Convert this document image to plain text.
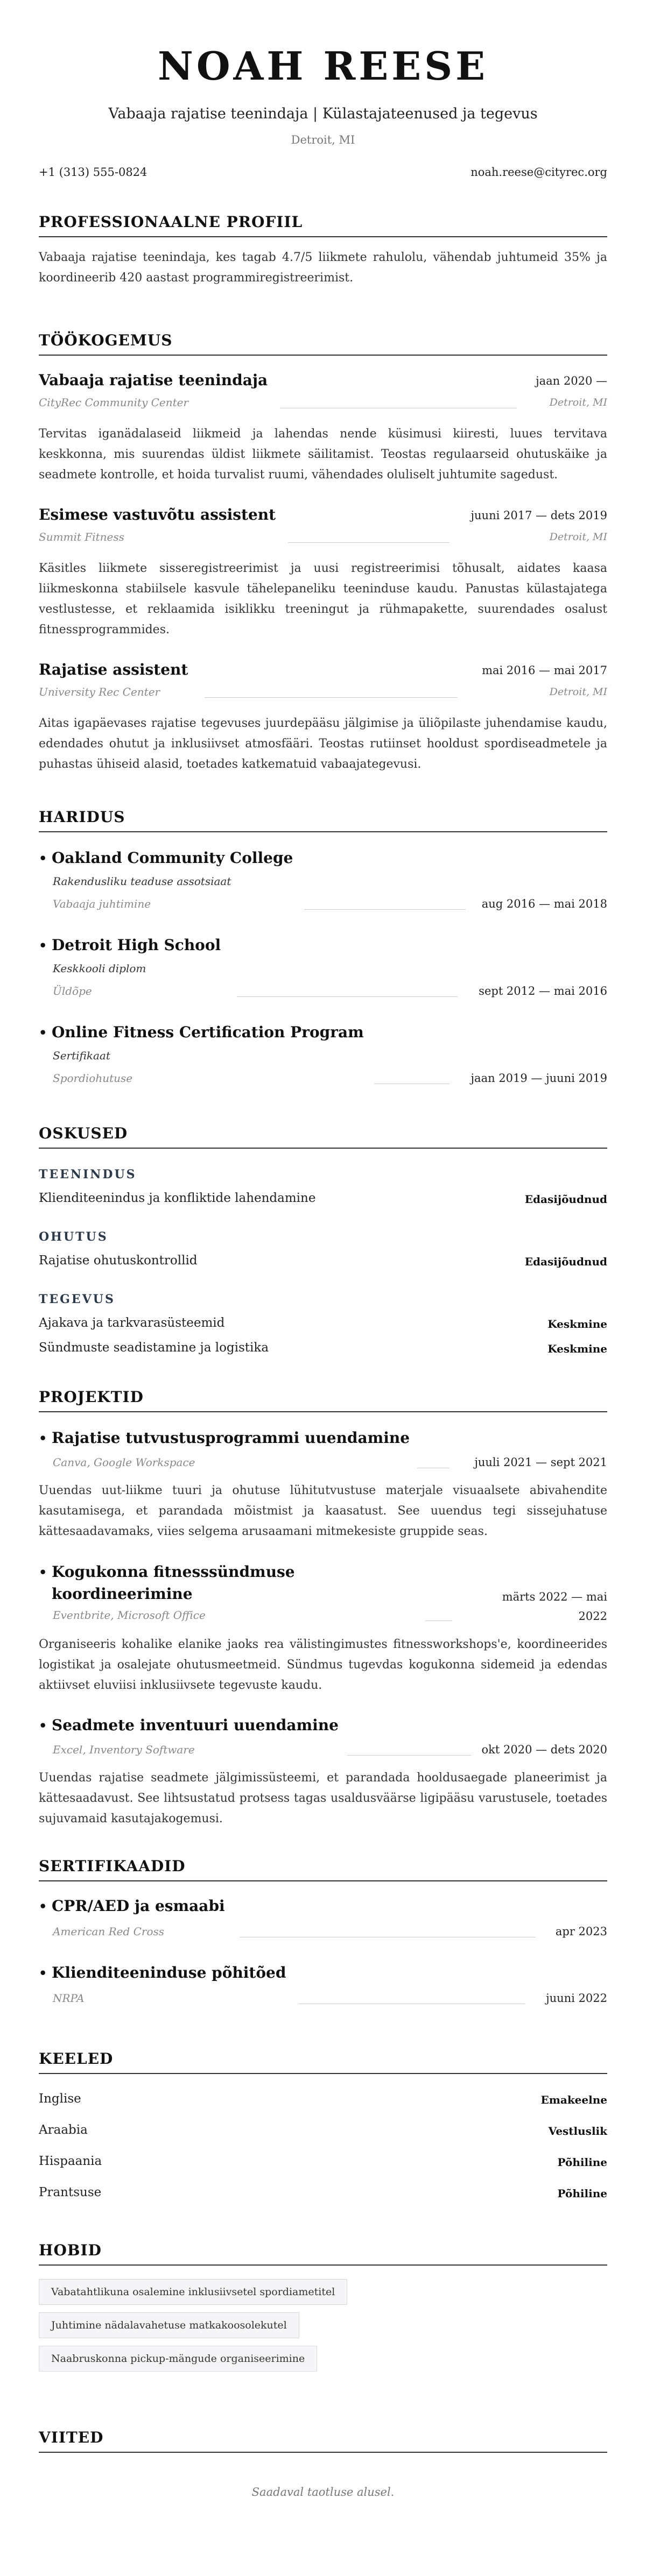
NOAH REESE
Vabaaja rajatise teenindaja | Külastajateenused ja tegevus
Detroit, MI
+1 (313) 555-0824	noah.reese@cityrec.org
PROFESSIONAALNE PROFIIL
Vabaaja rajatise teenindaja, kes tagab 4.7/5 liikmete rahulolu, vähendab juhtumeid 35% ja koordineerib 420 aastast programmiregistreerimist.
TÖÖKOGEMUS
Vabaaja rajatise teenindaja	jaan 2020 —
CityRec Community Center	Detroit, MI
Tervitas iganädalaseid liikmeid ja lahendas nende küsimusi kiiresti, luues tervitava keskkonna, mis suurendas üldist liikmete säilitamist. Teostas regulaarseid ohutuskäike ja seadmete kontrolle, et hoida turvalist ruumi, vähendades oluliselt juhtumite sagedust.
Esimese vastuvõtu assistent	juuni 2017 — dets 2019
Summit Fitness	Detroit, MI
Käsitles liikmete sisseregistreerimist ja uusi registreerimisi tõhusalt, aidates kaasa liikmeskonna stabiilsele kasvule tähelepaneliku teeninduse kaudu. Panustas külastajatega vestlustesse, et reklaamida isiklikku treeningut ja rühmapakette, suurendades osalust fitnessprogrammides.
Rajatise assistent	mai 2016 — mai 2017
University Rec Center	Detroit, MI
Aitas igapäevases rajatise tegevuses juurdepääsu jälgimise ja üliõpilaste juhendamise kaudu, edendades ohutut ja inklusiivset atmosfääri. Teostas rutiinset hooldust spordiseadmetele ja puhastas ühiseid alasid, toetades katkematuid vabaajategevusi.
HARIDUS
• Oakland Community College
Rakendusliku teaduse assotsiaat
Vabaaja juhtimine	aug 2016 — mai 2018
• Detroit High School
Keskkooli diplom
Üldõpe	sept 2012 — mai 2016
• Online Fitness Certification Program
Sertifikaat
Spordiohutuse	jaan 2019 — juuni 2019
OSKUSED
TEENINDUS
Klienditeenindus ja konfliktide lahendamine	Edasijõudnud
OHUTUS
Rajatise ohutuskontrollid	Edasijõudnud
TEGEVUS
Ajakava ja tarkvarasüsteemid	Keskmine
Sündmuste seadistamine ja logistika	Keskmine
PROJEKTID
• Rajatise tutvustusprogrammi uuendamine
Canva, Google Workspace	juuli 2021 — sept 2021
Uuendas uut-liikme tuuri ja ohutuse lühitutvustuse materjale visuaalsete abivahendite kasutamisega, et parandada mõistmist ja kaasatust. See uuendus tegi sissejuhatuse kättesaadavamaks, viies selgema arusaamani mitmekesiste gruppide seas.
• Kogukonna fitnesssündmuse
koordineerimine	märts 2022 — mai
2022
Eventbrite, Microsoft Office
Organiseeris kohalike elanike jaoks rea välistingimustes fitnessworkshops'e, koordineerides logistikat ja osalejate ohutusmeetmeid. Sündmus tugevdas kogukonna sidemeid ja edendas aktiivset eluviisi inklusiivsete tegevuste kaudu.
• Seadmete inventuuri uuendamine
Excel, Inventory Software	okt 2020 — dets 2020
Uuendas rajatise seadmete jälgimissüsteemi, et parandada hooldusaegade planeerimist ja kättesaadavust. See lihtsustatud protsess tagas usaldusväärse ligipääsu varustusele, toetades sujuvamaid kasutajakogemusi.
SERTIFIKAADID
• CPR/AED ja esmaabi
American Red Cross	apr 2023
• Klienditeeninduse põhitõed
NRPA	juuni 2022
KEELED
Inglise	Emakeelne
Araabia	Vestluslik
Hispaania	Põhiline
Prantsuse	Põhiline
HOBID
Vabatahtlikuna osalemine inklusiivsetel spordiametitel
Juhtimine nädalavahetuse matkakoosolekutel
Naabruskonna pickup-mängude organiseerimine
VIITED
Saadaval taotluse alusel.
